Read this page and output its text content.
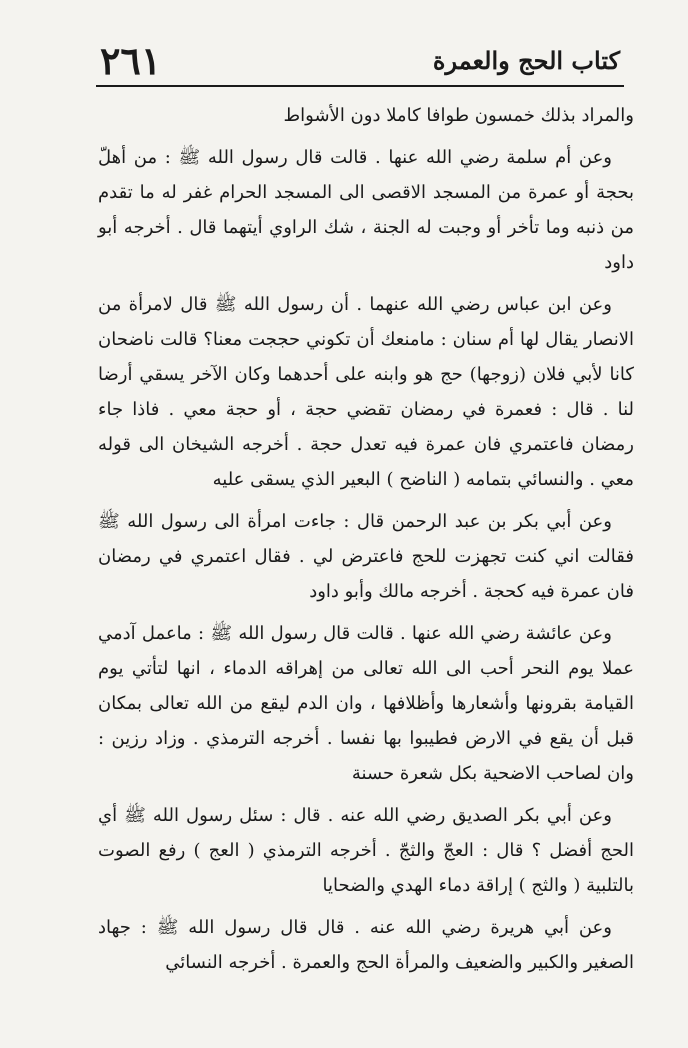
٢٦١	كتاب الحج والعمرة

والمراد بذلك خمسون طوافا كاملا دون الأشواط

وعن أم سلمة رضي الله عنها . قالت قال رسول الله ﷺ : من أهلّ بحجة أو عمرة من المسجد الاقصى الى المسجد الحرام غفر له ما تقدم من ذنبه وما تأخر أو وجبت له الجنة ، شك الراوي أيتهما قال . أخرجه أبو داود

وعن ابن عباس رضي الله عنهما . أن رسول الله ﷺ قال لامرأة من الانصار يقال لها أم سنان : مامنعك أن تكوني حججت معنا؟ قالت ناضحان كانا لأبي فلان (زوجها) حج هو وابنه على أحدهما وكان الآخر يسقي أرضا لنا . قال : فعمرة في رمضان تقضي حجة ، أو حجة معي . فاذا جاء رمضان فاعتمري فان عمرة فيه تعدل حجة . أخرجه الشيخان الى قوله معي . والنسائي بتمامه ( الناضح ) البعير الذي يسقى عليه

وعن أبي بكر بن عبد الرحمن قال : جاءت امرأة الى رسول الله ﷺ فقالت اني كنت تجهزت للحج فاعترض لي . فقال اعتمري في رمضان فان عمرة فيه كحجة . أخرجه مالك وأبو داود

وعن عائشة رضي الله عنها . قالت قال رسول الله ﷺ : ماعمل آدمي عملا يوم النحر أحب الى الله تعالى من إهراقه الدماء ، انها لتأتي يوم القيامة بقرونها وأشعارها وأظلافها ، وان الدم ليقع من الله تعالى بمكان قبل أن يقع في الارض فطيبوا بها نفسا . أخرجه الترمذي . وزاد رزين : وان لصاحب الاضحية بكل شعرة حسنة

وعن أبي بكر الصديق رضي الله عنه . قال : سئل رسول الله ﷺ أي الحج أفضل ؟ قال : العجّ والثجّ . أخرجه الترمذي ( العج ) رفع الصوت بالتلبية ( والثج ) إراقة دماء الهدي والضحايا

وعن أبي هريرة رضي الله عنه . قال قال رسول الله ﷺ : جهاد الصغير والكبير والضعيف والمرأة الحج والعمرة . أخرجه النسائي
